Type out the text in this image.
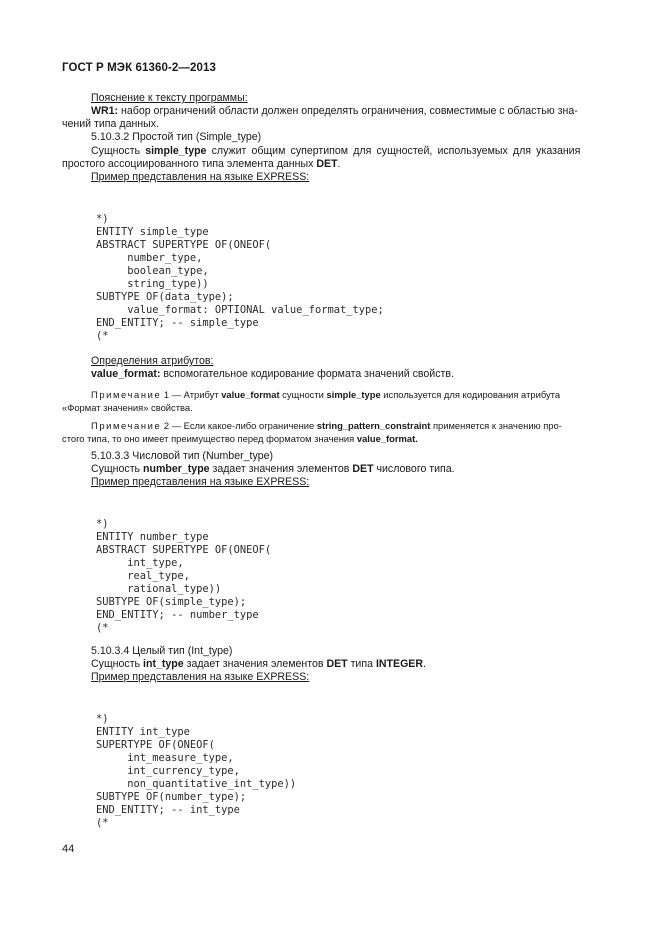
ГОСТ Р МЭК 61360-2—2013
Пояснение к тексту программы:
WR1: набор ограничений области должен определять ограничения, совместимые с областью зна-
чений типа данных.
5.10.3.2 Простой тип (Simple_type)
Сущность simple_type служит общим супертипом для сущностей, используемых для указания
простого ассоциированного типа элемента данных DET.
Пример представления на языке EXPRESS:

*)
ENTITY simple_type
ABSTRACT SUPERTYPE OF(ONEOF(
number_type,
boolean_type,
string_type))
SUBTYPE OF(data_type);
value_format: OPTIONAL value_format_type;
END_ENTITY; -- simple_type
(*
Определения атрибутов:
value_format: вспомогательное кодирование формата значений свойств.
Примечание 1 — Атрибут value_format сущности simple_type используется для кодирования атрибута
«Формат значения» свойства.
Примечание 2 — Если какое-либо ограничение string_pattern_constraint применяется к значению про-
стого типа, то оно имеет преимущество перед форматом значения value_format.
5.10.3.3 Числовой тип (Number_type)
Сущность number_type задает значения элементов DET числового типа.
Пример представления на языке EXPRESS:

*)
ENTITY number_type
ABSTRACT SUPERTYPE OF(ONEOF(
int_type,
real_type,
rational_type))
SUBTYPE OF(simple_type);
END_ENTITY; -- number_type
(*
5.10.3.4 Целый тип (Int_type)
Сущность int_type задает значения элементов DET типа INTEGER.
Пример представления на языке EXPRESS:

*)
ENTITY int_type
SUPERTYPE OF(ONEOF(
int_measure_type,
int_currency_type,
non_quantitative_int_type))
SUBTYPE OF(number_type);
END_ENTITY; -- int_type
(*
44
